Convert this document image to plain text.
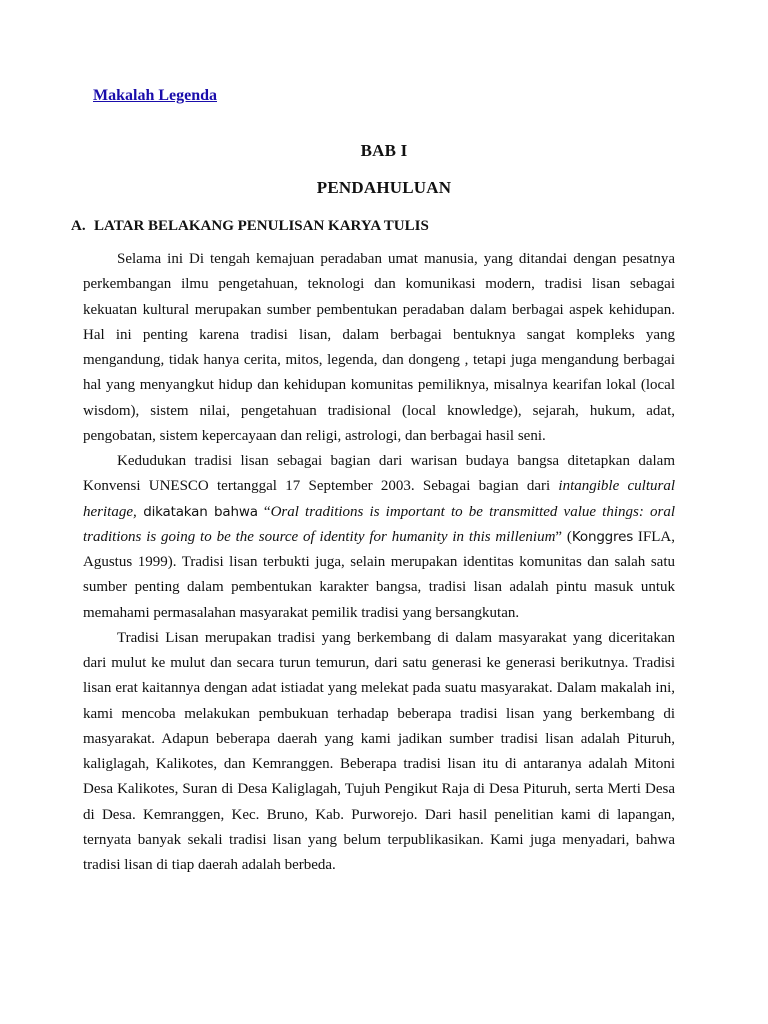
Makalah Legenda
BAB I
PENDAHULUAN
A. LATAR BELAKANG PENULISAN KARYA TULIS

Selama ini Di tengah kemajuan peradaban umat manusia, yang ditandai dengan pesatnya perkembangan ilmu pengetahuan, teknologi dan komunikasi modern, tradisi lisan sebagai kekuatan kultural merupakan sumber pembentukan peradaban dalam berbagai aspek kehidupan. Hal ini penting karena tradisi lisan, dalam berbagai bentuknya sangat kompleks yang mengandung, tidak hanya cerita, mitos, legenda, dan dongeng , tetapi juga mengandung berbagai hal yang menyangkut hidup dan kehidupan komunitas pemiliknya, misalnya kearifan lokal (local wisdom), sistem nilai, pengetahuan tradisional (local knowledge), sejarah, hukum, adat, pengobatan, sistem kepercayaan dan religi, astrologi, dan berbagai hasil seni.

Kedudukan tradisi lisan sebagai bagian dari warisan budaya bangsa ditetapkan dalam Konvensi UNESCO tertanggal 17 September 2003. Sebagai bagian dari intangible cultural heritage, dikatakan bahwa “Oral traditions is important to be transmitted value things: oral traditions is going to be the source of identity for humanity in this millenium” (Konggres IFLA, Agustus 1999). Tradisi lisan terbukti juga, selain merupakan identitas komunitas dan salah satu sumber penting dalam pembentukan karakter bangsa, tradisi lisan adalah pintu masuk untuk memahami permasalahan masyarakat pemilik tradisi yang bersangkutan.

Tradisi Lisan merupakan tradisi yang berkembang di dalam masyarakat yang diceritakan dari mulut ke mulut dan secara turun temurun, dari satu generasi ke generasi berikutnya. Tradisi lisan erat kaitannya dengan adat istiadat yang melekat pada suatu masyarakat. Dalam makalah ini, kami mencoba melakukan pembukuan terhadap beberapa tradisi lisan yang berkembang di masyarakat. Adapun beberapa daerah yang kami jadikan sumber tradisi lisan adalah Pituruh, kaliglagah, Kalikotes, dan Kemranggen. Beberapa tradisi lisan itu di antaranya adalah Mitoni Desa Kalikotes, Suran di Desa Kaliglagah, Tujuh Pengikut Raja di Desa Pituruh, serta Merti Desa di Desa. Kemranggen, Kec. Bruno, Kab. Purworejo. Dari hasil penelitian kami di lapangan, ternyata banyak sekali tradisi lisan yang belum terpublikasikan. Kami juga menyadari, bahwa tradisi lisan di tiap daerah adalah berbeda.
